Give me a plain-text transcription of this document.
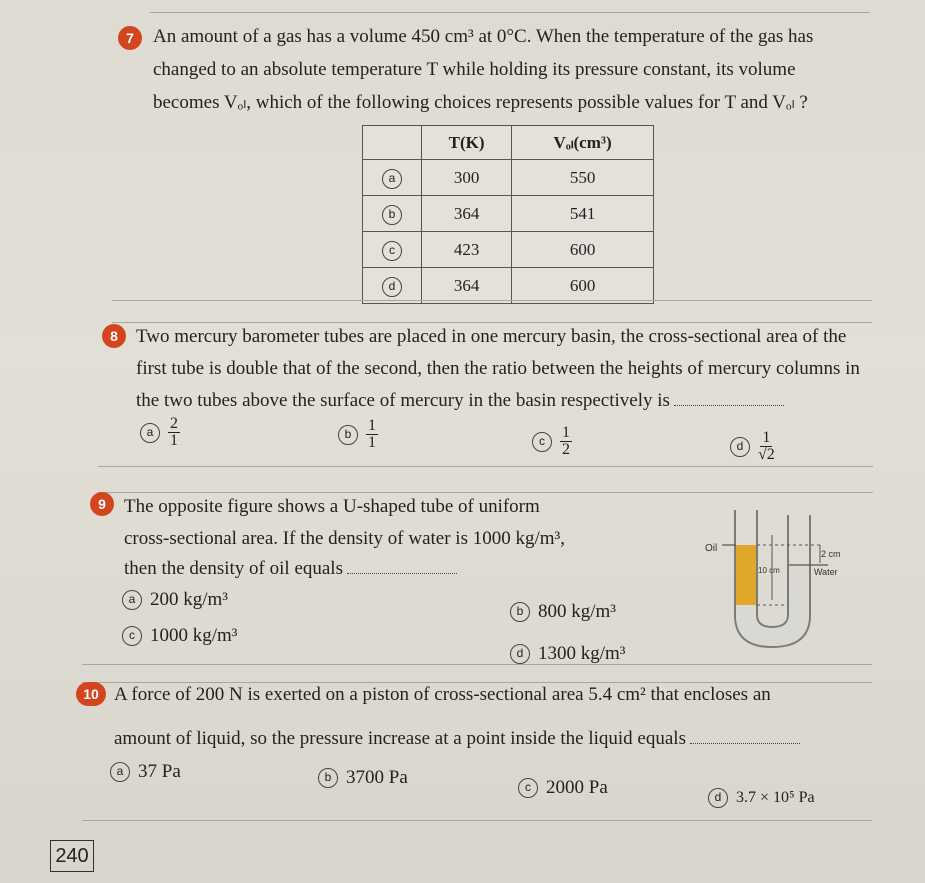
7	An amount of a gas has a volume 450 cm³ at 0°C. When the temperature of the gas has
changed to an absolute temperature T while holding its pressure constant, its volume
becomes Vₒₗ, which of the following choices represents possible values for T and Vₒₗ ?
	T(K)	Vₒₗ(cm³)
a	300	550
b	364	541
c	423	600
d	364	600
8 Two mercury barometer tubes are placed in one mercury basin, the cross-sectional area of the
first tube is double that of the second, then the ratio between the heights of mercury columns in
the two tubes above the surface of mercury in the basin respectively is
a $\frac{2}{1}$	b $\frac{1}{1}$	c $\frac{1}{2}$	d $\frac{1}{√2}$
9 The opposite figure shows a U-shaped tube of uniform
cross-sectional area. If the density of water is 1000 kg/m³,
then the density of oil equals
a 200 kg/m³
b 800 kg/m³
c 1000 kg/m³
d 1300 kg/m³
Oil	2 cm
Water
10 cm
10 A force of 200 N is exerted on a piston of cross-sectional area 5.4 cm² that encloses an
amount of liquid, so the pressure increase at a point inside the liquid equals
a 37 Pa	b 3700 Pa	c 2000 Pa	d 3.7 × 10⁵ Pa
240
